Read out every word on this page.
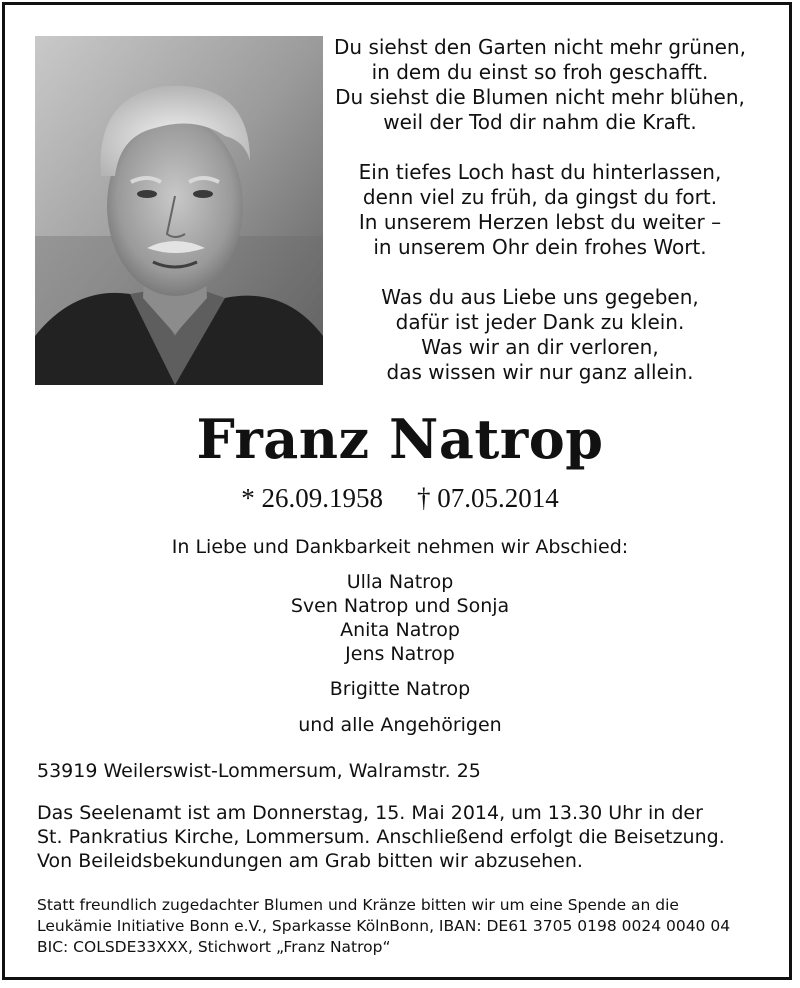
Du siehst den Garten nicht mehr grünen,
in dem du einst so froh geschafft.
Du siehst die Blumen nicht mehr blühen,
weil der Tod dir nahm die Kraft.
Ein tiefes Loch hast du hinterlassen,
denn viel zu früh, da gingst du fort.
In unserem Herzen lebst du weiter –
in unserem Ohr dein frohes Wort.
Was du aus Liebe uns gegeben,
dafür ist jeder Dank zu klein.
Was wir an dir verloren,
das wissen wir nur ganz allein.
Franz Natrop
* 26.09.1958 † 07.05.2014
In Liebe und Dankbarkeit nehmen wir Abschied:
Ulla Natrop
Sven Natrop und Sonja
Anita Natrop
Jens Natrop
Brigitte Natrop
und alle Angehörigen
53919 Weilerswist-Lommersum, Walramstr. 25
Das Seelenamt ist am Donnerstag, 15. Mai 2014, um 13.30 Uhr in der
St. Pankratius Kirche, Lommersum. Anschließend erfolgt die Beisetzung.
Von Beileidsbekundungen am Grab bitten wir abzusehen.
Statt freundlich zugedachter Blumen und Kränze bitten wir um eine Spende an die
Leukämie Initiative Bonn e.V., Sparkasse KölnBonn, IBAN: DE61 3705 0198 0024 0040 04
BIC: COLSDE33XXX, Stichwort „Franz Natrop“
